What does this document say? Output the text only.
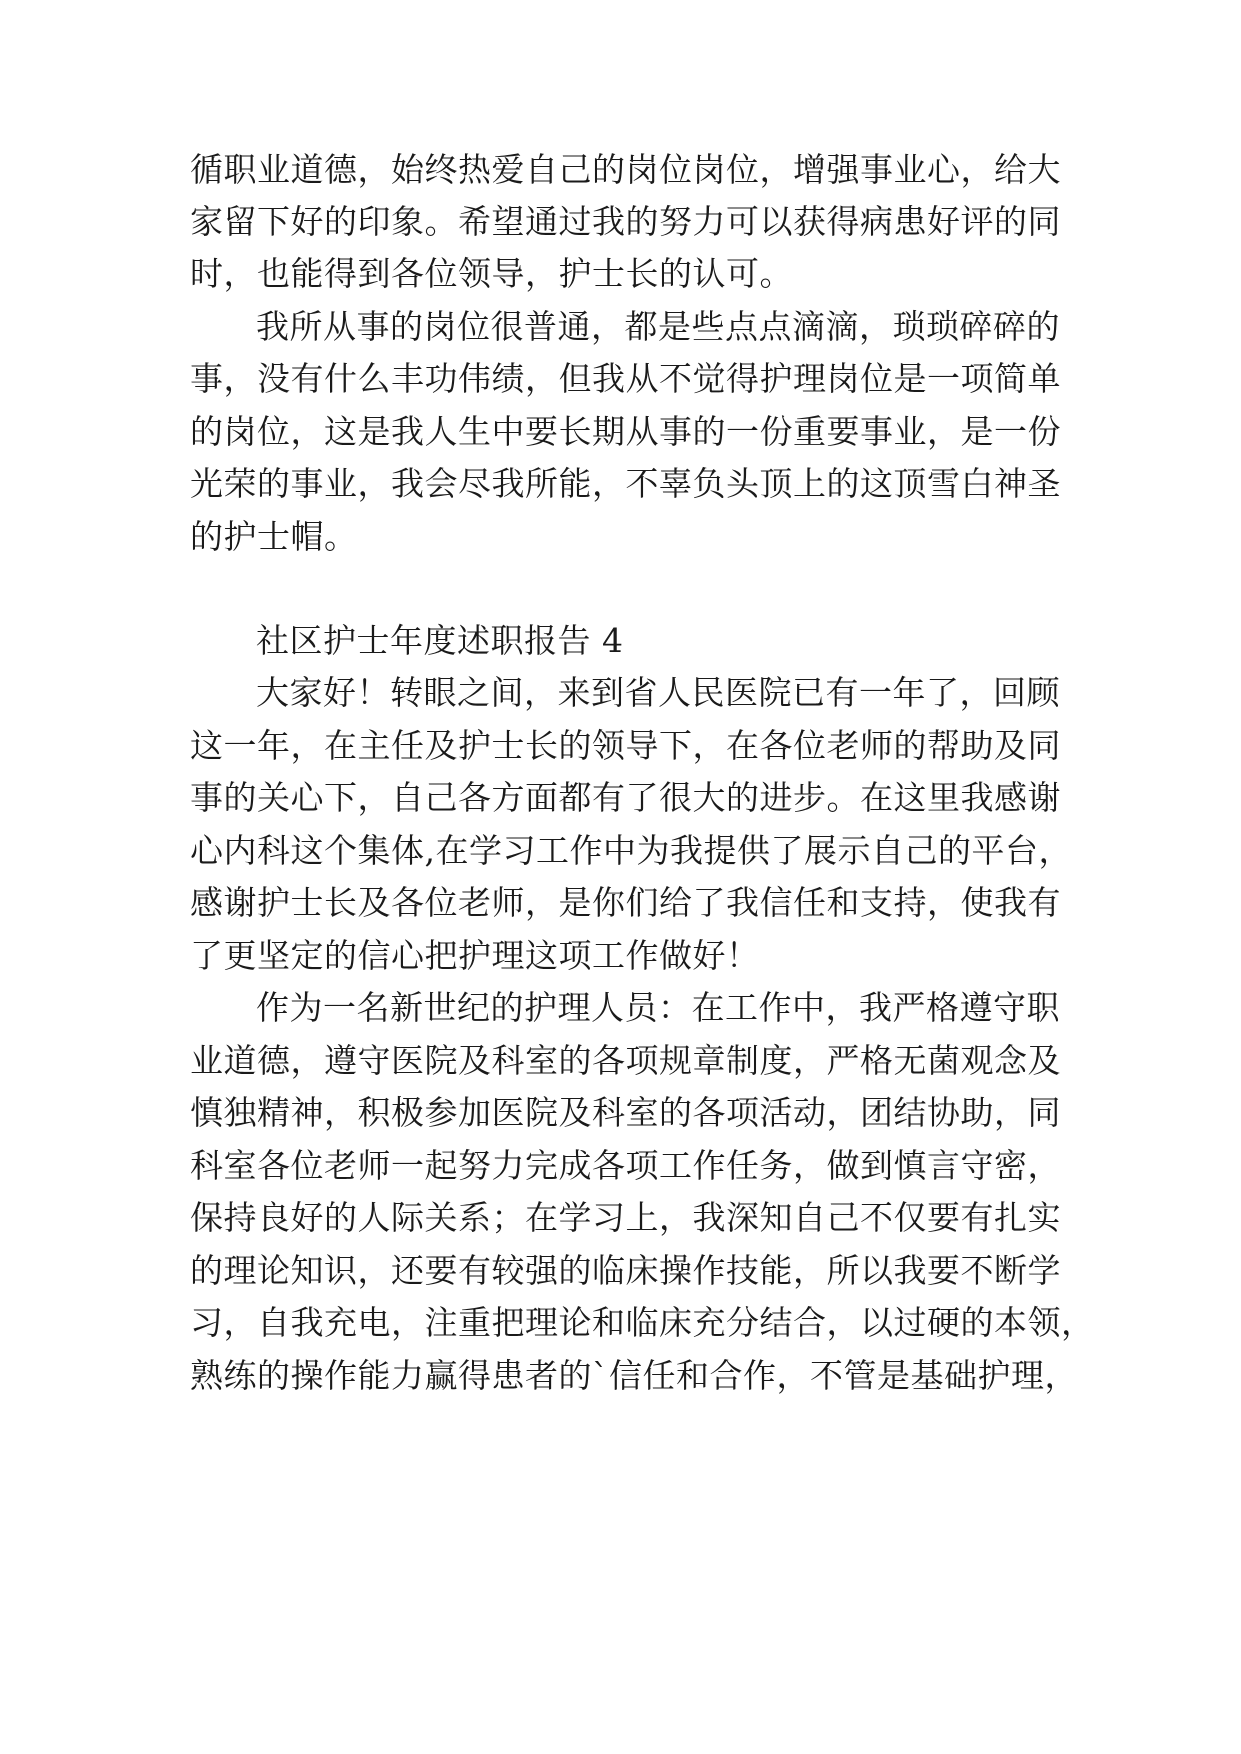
循职业道德，始终热爱自己的岗位岗位，增强事业心，给大

家留下好的印象。希望通过我的努力可以获得病患好评的同

时，也能得到各位领导，护士长的认可。

我所从事的岗位很普通，都是些点点滴滴，琐琐碎碎的

事，没有什么丰功伟绩，但我从不觉得护理岗位是一项简单

的岗位，这是我人生中要长期从事的一份重要事业，是一份

光荣的事业，我会尽我所能，不辜负头顶上的这顶雪白神圣

的护士帽。

社区护士年度述职报告 4

大家好！转眼之间，来到省人民医院已有一年了，回顾

这一年，在主任及护士长的领导下，在各位老师的帮助及同

事的关心下，自己各方面都有了很大的进步。在这里我感谢

心内科这个集体,在学习工作中为我提供了展示自己的平台，

感谢护士长及各位老师，是你们给了我信任和支持，使我有

了更坚定的信心把护理这项工作做好！

作为一名新世纪的护理人员：在工作中，我严格遵守职

业道德，遵守医院及科室的各项规章制度，严格无菌观念及

慎独精神，积极参加医院及科室的各项活动，团结协助，同

科室各位老师一起努力完成各项工作任务，做到慎言守密，

保持良好的人际关系；在学习上，我深知自己不仅要有扎实

的理论知识，还要有较强的临床操作技能，所以我要不断学

习，自我充电，注重把理论和临床充分结合，以过硬的本领，

熟练的操作能力赢得患者的`信任和合作，不管是基础护理，
